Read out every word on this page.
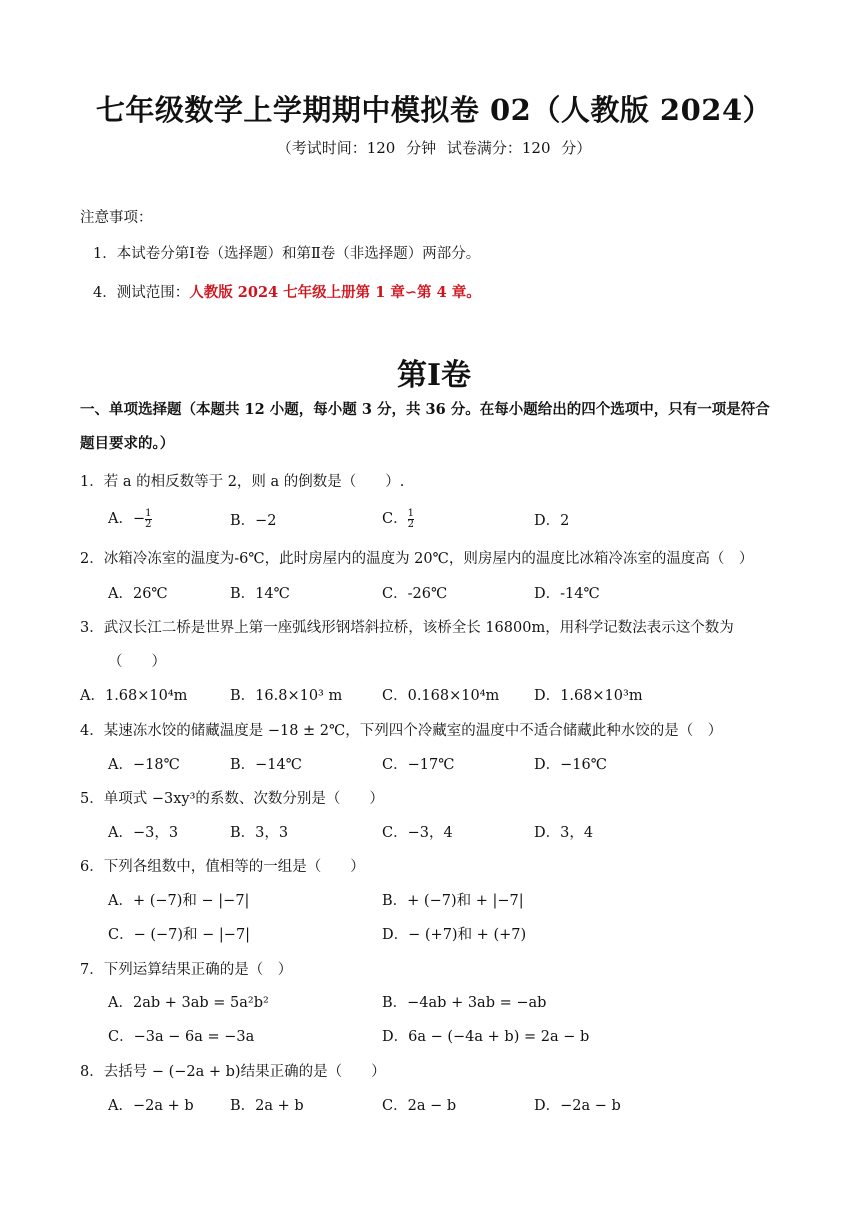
七年级数学上学期期中模拟卷 02（人教版 2024）
（考试时间：120 分钟 试卷满分：120 分）
注意事项：
1．本试卷分第Ⅰ卷（选择题）和第Ⅱ卷（非选择题）两部分。
4．测试范围：人教版 2024 七年级上册第 1 章∽第 4 章。
第Ⅰ卷
一、单项选择题（本题共 12 小题，每小题 3 分，共 36 分。在每小题给出的四个选项中，只有一项是符合
题目要求的。）
1．若 a 的相反数等于 2，则 a 的倒数是（　　）.
A．− $\frac{1}{2}$	B．−2	C． $\frac{1}{2}$	D．2
2．冰箱冷冻室的温度为-6℃，此时房屋内的温度为 20℃，则房屋内的温度比冰箱冷冻室的温度高（　）
A．26℃	B．14℃	C．-26℃	D．-14℃
3．武汉长江二桥是世界上第一座弧线形钢塔斜拉桥，该桥全长 16800m，用科学记数法表示这个数为
（　　）
A．1.68×10⁴m	B．16.8×10³ m	C．0.168×10⁴m D．1.68×10³m
4．某速冻水饺的储藏温度是 −18 ± 2℃，下列四个冷藏室的温度中不适合储藏此种水饺的是（　）
A．−18℃	B．−14℃	C．−17℃	D．−16℃
5．单项式 −3xy³的系数、次数分别是（　　）
A．−3，3	B．3，3	C．−3，4	D．3，4
6．下列各组数中，值相等的一组是（　　）
A．+ (−7)和 − |−7|	B．+ (−7)和 + |−7|
C．− (−7)和 − |−7|	D．− (+7)和 + (+7)
7．下列运算结果正确的是（　）
A．2ab + 3ab = 5a²b²	B．−4ab + 3ab = −ab
C．−3a − 6a = −3a	D．6a − (−4a + b) = 2a − b
8．去括号 − (−2a + b)结果正确的是（　　）
A．−2a + b	B．2a + b	C．2a − b	D．−2a − b
